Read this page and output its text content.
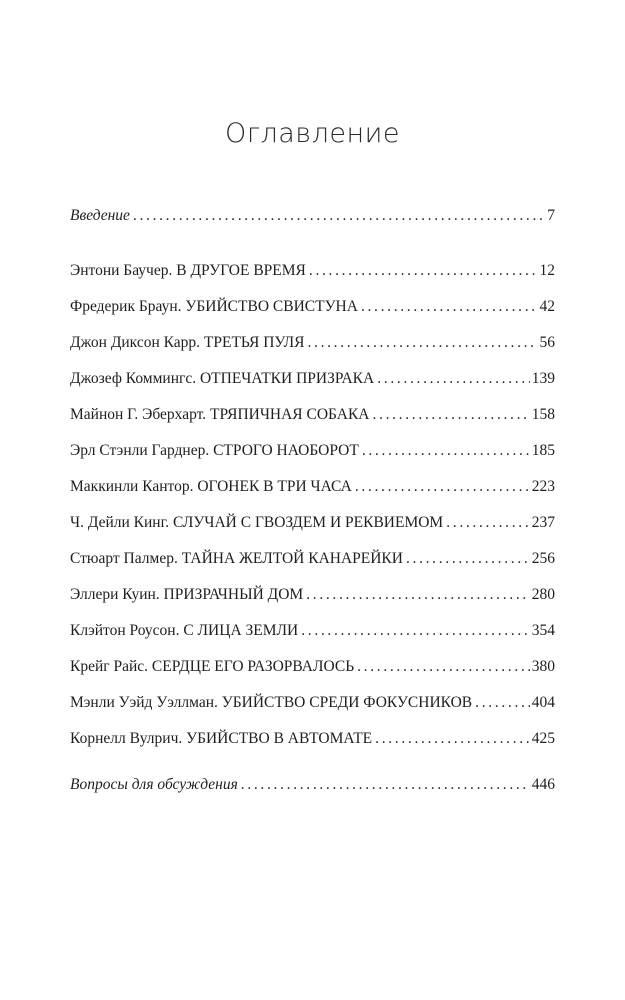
Оглавление
Введение . . .	7
Энтони Баучер. В ДРУГОЕ ВРЕМЯ . . .	12
Фредерик Браун. УБИЙСТВО СВИСТУНА . . .	42
Джон Диксон Карр. ТРЕТЬЯ ПУЛЯ . . .	56
Джозеф Коммингс. ОТПЕЧАТКИ ПРИЗРАКА . . .	139
Майнон Г. Эберхарт. ТРЯПИЧНАЯ СОБАКА . . .	158
Эрл Стэнли Гарднер. СТРОГО НАОБОРОТ . . .	185
Маккинли Кантор. ОГОНЕК В ТРИ ЧАСА . . .	223
Ч. Дейли Кинг. СЛУЧАЙ С ГВОЗДЕМ И РЕКВИЕМОМ . . .	237
Стюарт Палмер. ТАЙНА ЖЕЛТОЙ КАНАРЕЙКИ . . .	256
Эллери Куин. ПРИЗРАЧНЫЙ ДОМ . . .	280
Клэйтон Роусон. С ЛИЦА ЗЕМЛИ . . .	354
Крейг Райс. СЕРДЦЕ ЕГО РАЗОРВАЛОСЬ . . .	380
Мэнли Уэйд Уэллман. УБИЙСТВО СРЕДИ ФОКУСНИКОВ . . .	404
Корнелл Вулрич. УБИЙСТВО В АВТОМАТЕ . . .	425
Вопросы для обсуждения . . .	446
